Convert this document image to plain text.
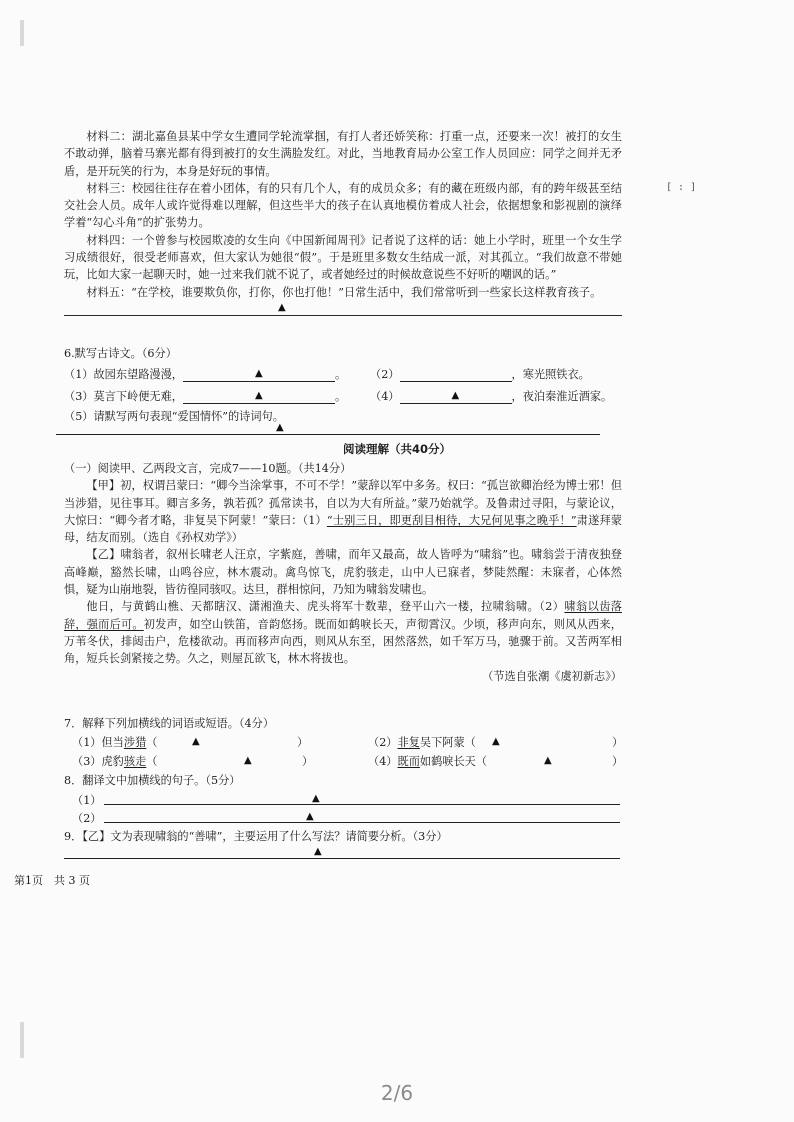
[ : ]

材料二：湖北嘉鱼县某中学女生遭同学轮流掌掴，有打人者还娇笑称：打重一点，还要来一次！被打的女生不敢动弹，脑着马寨光都有得到被打的女生满脸发红。对此，当地教育局办公室工作人员回应：同学之间并无矛盾，是开玩笑的行为，本身是好玩的事情。

材料三：校园往往存在着小团体，有的只有几个人，有的成员众多；有的藏在班级内部，有的跨年级甚至结交社会人员。成年人或许觉得难以理解，但这些半大的孩子在认真地模仿着成人社会，依据想象和影视剧的演绎学着“勾心斗角”的扩张势力。

材料四：一个曾参与校园欺凌的女生向《中国新闻周刊》记者说了这样的话：她上小学时，班里一个女生学习成绩很好，很受老师喜欢，但大家认为她很“假”。于是班里多数女生结成一派，对其孤立。“我们故意不带她玩，比如大家一起聊天时，她一过来我们就不说了，或者她经过的时候故意说些不好听的嘲讽的话。”

材料五：“在学校，谁要欺负你，打你，你也打他！”日常生活中，我们常常听到一些家长这样教育孩子。

▲
6.默写古诗文。（6分）
（1）故园东望路漫漫，	▲	。 （2）	，寒光照铁衣。
（3）莫言下岭便无难，	▲	。 （4）	▲	，夜泊秦淮近酒家。
（5）请默写两句表现“爱国情怀”的诗词句。
▲
阅读理解（共40分）

（一）阅读甲、乙两段文言，完成7——10题。（共14分）

【甲】初，权谓吕蒙曰：“卿今当涂掌事，不可不学！”蒙辞以军中多务。权曰：“孤岂欲卿治经为博士邪！但当涉猎，见往事耳。卿言多务，孰若孤？孤常读书，自以为大有所益。”蒙乃始就学。及鲁肃过寻阳，与蒙论议，大惊曰：“卿今者才略，非复吴下阿蒙！”蒙曰：（1）“士别三日，即更刮目相待，大兄何见事之晚乎！”肃遂拜蒙母，结友而别。（选自《孙权劝学》）

【乙】啸翁者，叙州长啸老人汪京，字紫庭，善啸，而年又最高，故人皆呼为“啸翁”也。啸翁尝于清夜独登高峰巅，豁然长啸，山鸣谷应，林木震动。禽鸟惊飞，虎豹骇走，山中人已寐者，梦陡然醒：未寐者，心体然惧，疑为山崩地裂，皆彷徨同骇叹。达旦，群相惊问，乃知为啸翁发啸也。

他日，与黄鹤山樵、天都瞎汉、潇湘渔夫、虎头将军十数辈，登平山六一楼，拉啸翁啸。（2）啸翁以齿落辞，强而后可。初发声，如空山铁笛，音韵悠扬。既而如鹤唳长天，声彻霄汉。少顷，移声向东，则风从西来，万苇冬伏，排闼击户，危楼欲动。再而移声向西，则风从东至，困然落然，如千军万马，驰骤于前。又苦两军相角，短兵长剑紧接之势。久之，则屋瓦欲飞，林木将拔也。

（节选自张潮《虞初新志》）

7．解释下列加横线的词语或短语。（4分）
（1）但当涉猎（	▲	）	（2）非复吴下阿蒙（ ▲	）
（3）虎豹骇走（	▲	）	（4）既而如鹤唳长天（	▲	）
8．翻译文中加横线的句子。（5分）
（1）	▲
（2）	▲
9．【乙】文为表现啸翁的“善啸”，主要运用了什么写法？请简要分析。（3分）
▲
第1页　共 3 页
2/6
